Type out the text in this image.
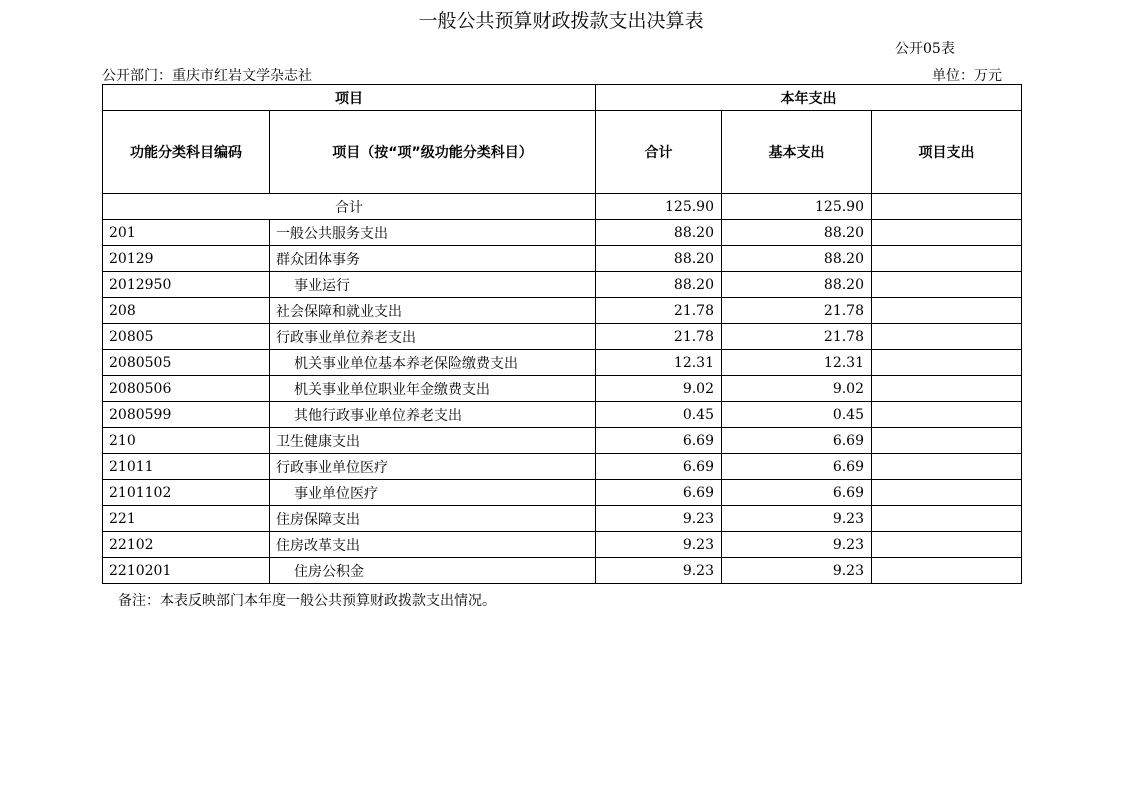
一般公共预算财政拨款支出决算表
公开05表
公开部门：重庆市红岩文学杂志社	单位：万元
项目		本年支出		
功能分类科目编码	项目（按“项”级功能分类科目）	合计	基本支出	项目支出
合计		125.90	125.90	
201	一般公共服务支出	88.20	88.20	
20129	群众团体事务	88.20	88.20	
2012950	事业运行	88.20	88.20	
208	社会保障和就业支出	21.78	21.78	
20805	行政事业单位养老支出	21.78	21.78	
2080505	机关事业单位基本养老保险缴费支出	12.31	12.31	
2080506	机关事业单位职业年金缴费支出	9.02	9.02	
2080599	其他行政事业单位养老支出	0.45	0.45	
210	卫生健康支出	6.69	6.69	
21011	行政事业单位医疗	6.69	6.69	
2101102	事业单位医疗	6.69	6.69	
221	住房保障支出	9.23	9.23	
22102	住房改革支出	9.23	9.23	
2210201	住房公积金	9.23	9.23	
备注：本表反映部门本年度一般公共预算财政拨款支出情况。
